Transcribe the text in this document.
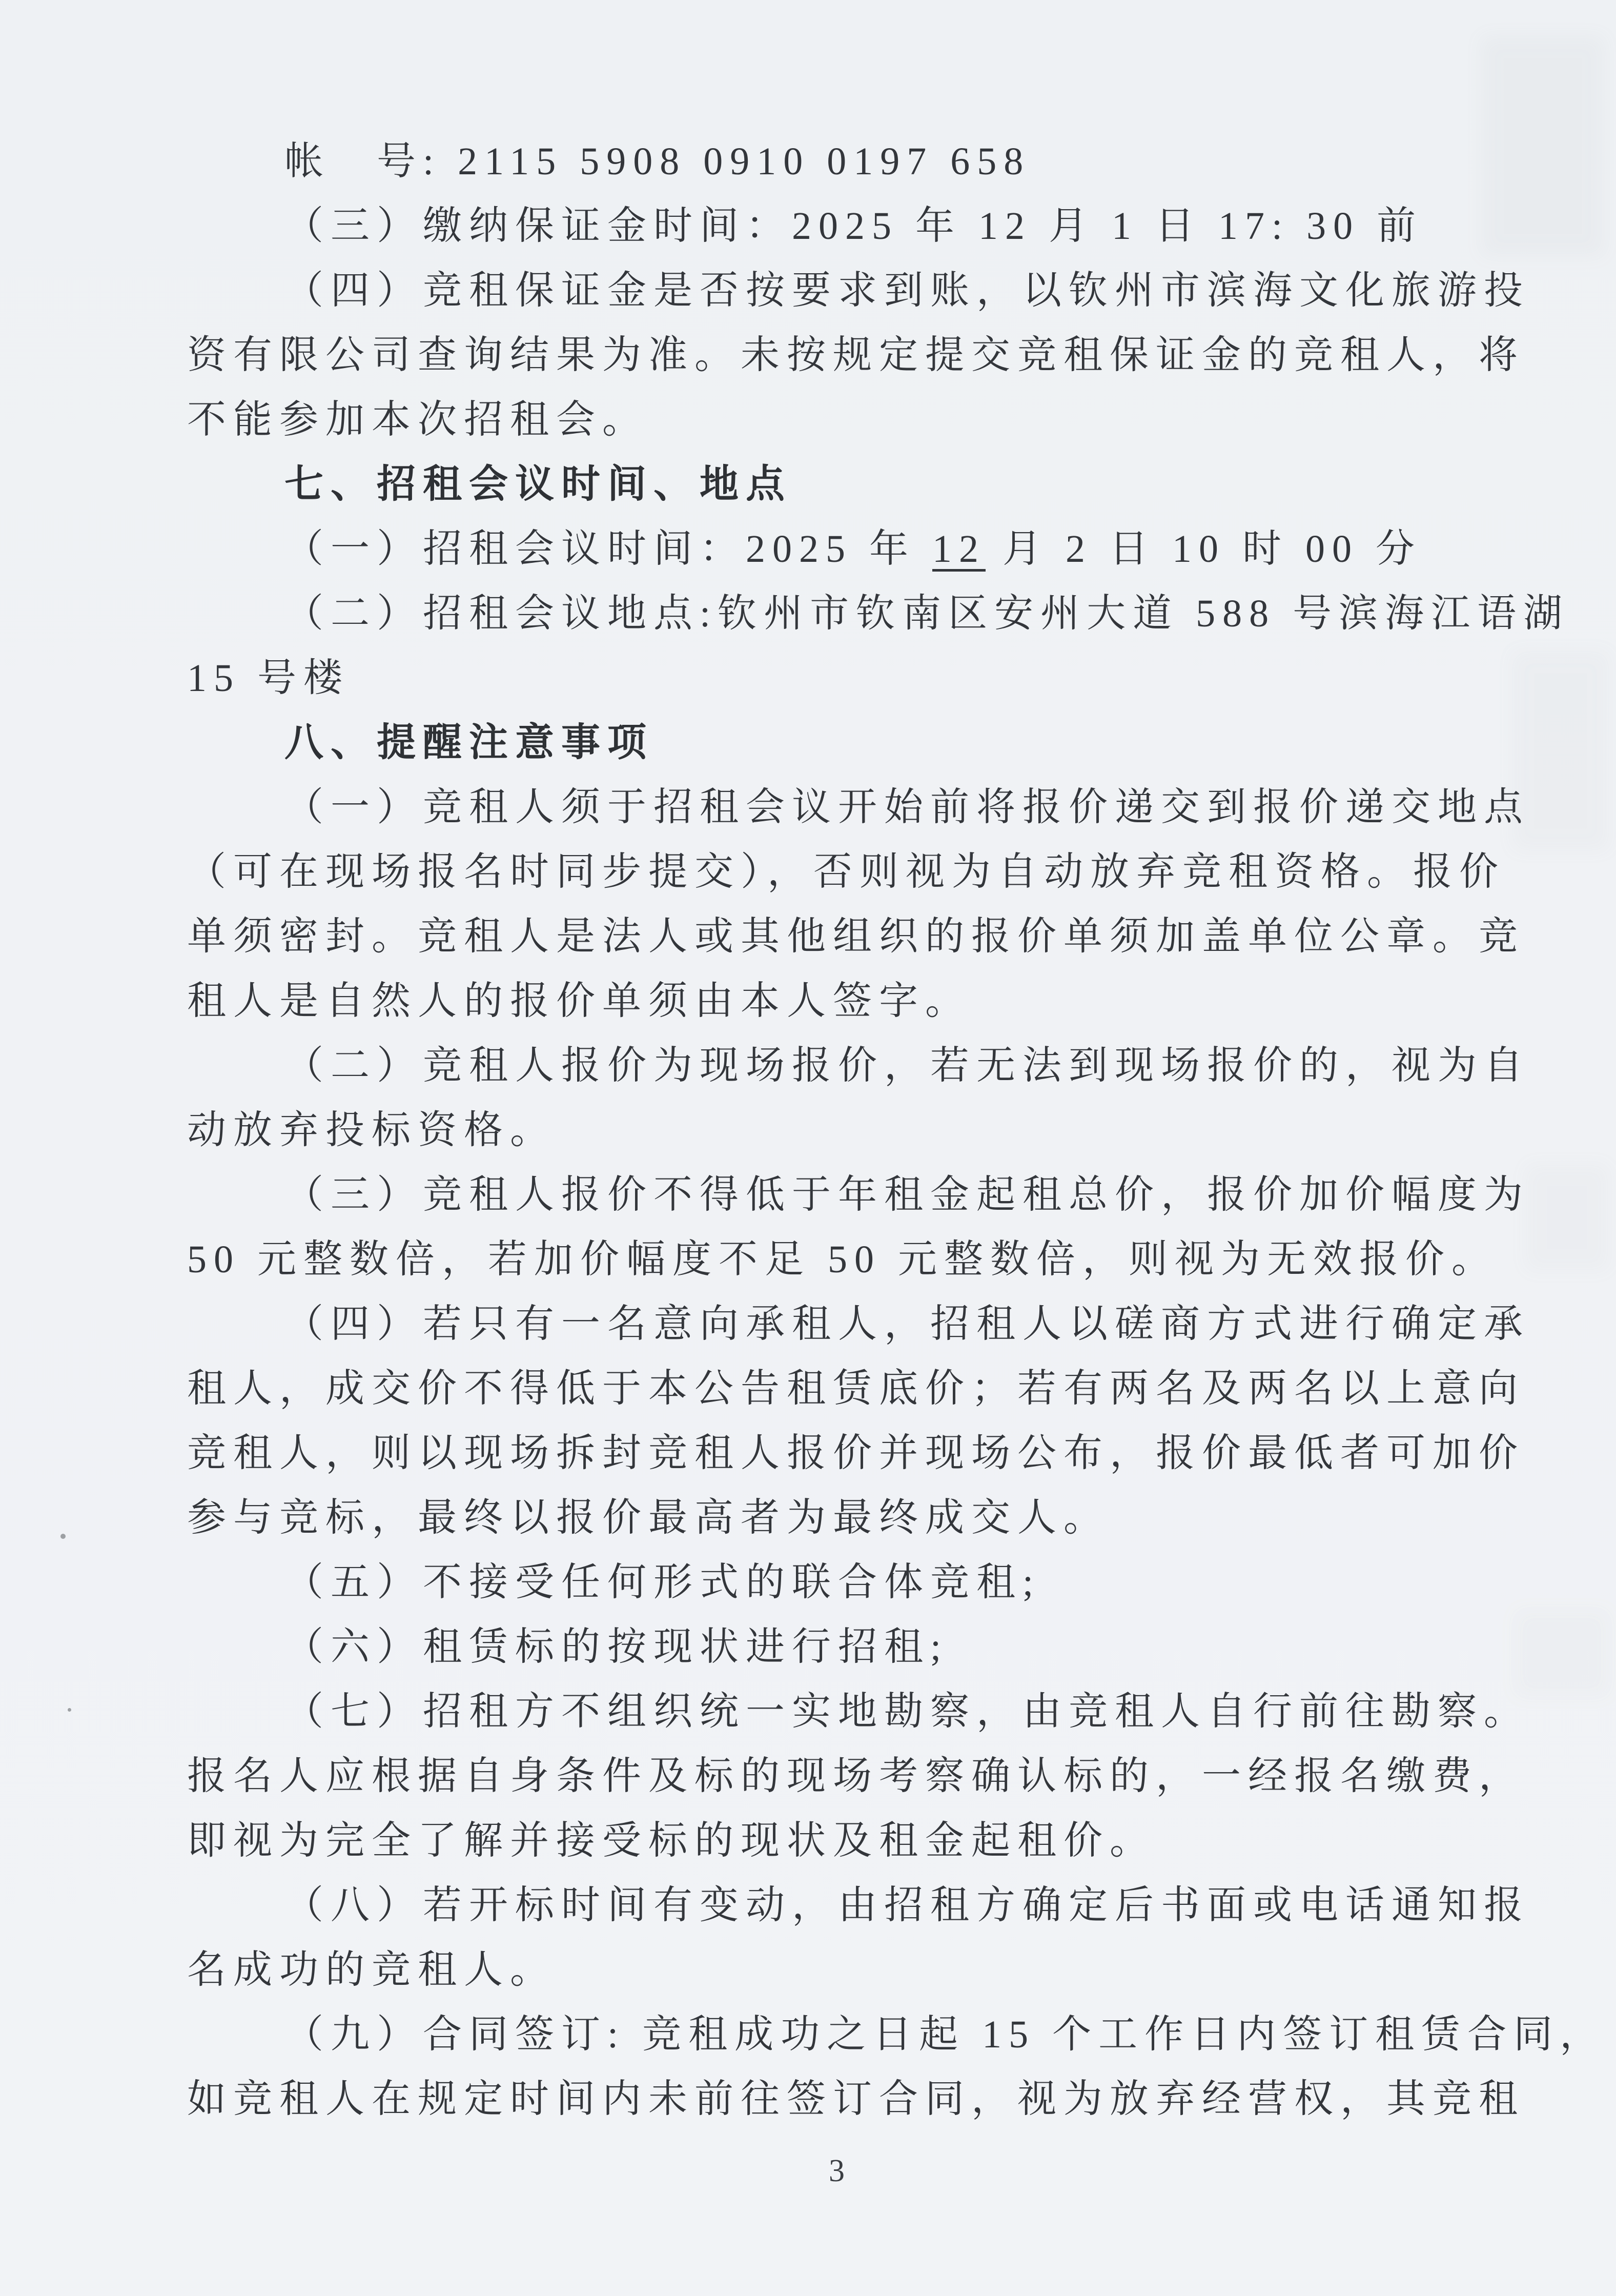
帐　号: 2115 5908 0910 0197 658

（三）缴纳保证金时间：2025 年 12 月 1 日 17: 30 前

（四）竞租保证金是否按要求到账，以钦州市滨海文化旅游投

资有限公司查询结果为准。未按规定提交竞租保证金的竞租人，将

不能参加本次招租会。

七、招租会议时间、地点

（一）招租会议时间：2025 年 12 月 2 日 10 时 00 分

（二）招租会议地点:钦州市钦南区安州大道 588 号滨海江语湖

15 号楼

八、提醒注意事项

（一）竞租人须于招租会议开始前将报价递交到报价递交地点

（可在现场报名时同步提交），否则视为自动放弃竞租资格。报价

单须密封。竞租人是法人或其他组织的报价单须加盖单位公章。竞

租人是自然人的报价单须由本人签字。

（二）竞租人报价为现场报价，若无法到现场报价的，视为自

动放弃投标资格。

（三）竞租人报价不得低于年租金起租总价，报价加价幅度为

50 元整数倍，若加价幅度不足 50 元整数倍，则视为无效报价。

（四）若只有一名意向承租人，招租人以磋商方式进行确定承

租人，成交价不得低于本公告租赁底价；若有两名及两名以上意向

竞租人，则以现场拆封竞租人报价并现场公布，报价最低者可加价

参与竞标，最终以报价最高者为最终成交人。

（五）不接受任何形式的联合体竞租;

（六）租赁标的按现状进行招租;

（七）招租方不组织统一实地勘察，由竞租人自行前往勘察。

报名人应根据自身条件及标的现场考察确认标的，一经报名缴费，

即视为完全了解并接受标的现状及租金起租价。

（八）若开标时间有变动，由招租方确定后书面或电话通知报

名成功的竞租人。

（九）合同签订: 竞租成功之日起 15 个工作日内签订租赁合同，

如竞租人在规定时间内未前往签订合同，视为放弃经营权，其竞租

3
